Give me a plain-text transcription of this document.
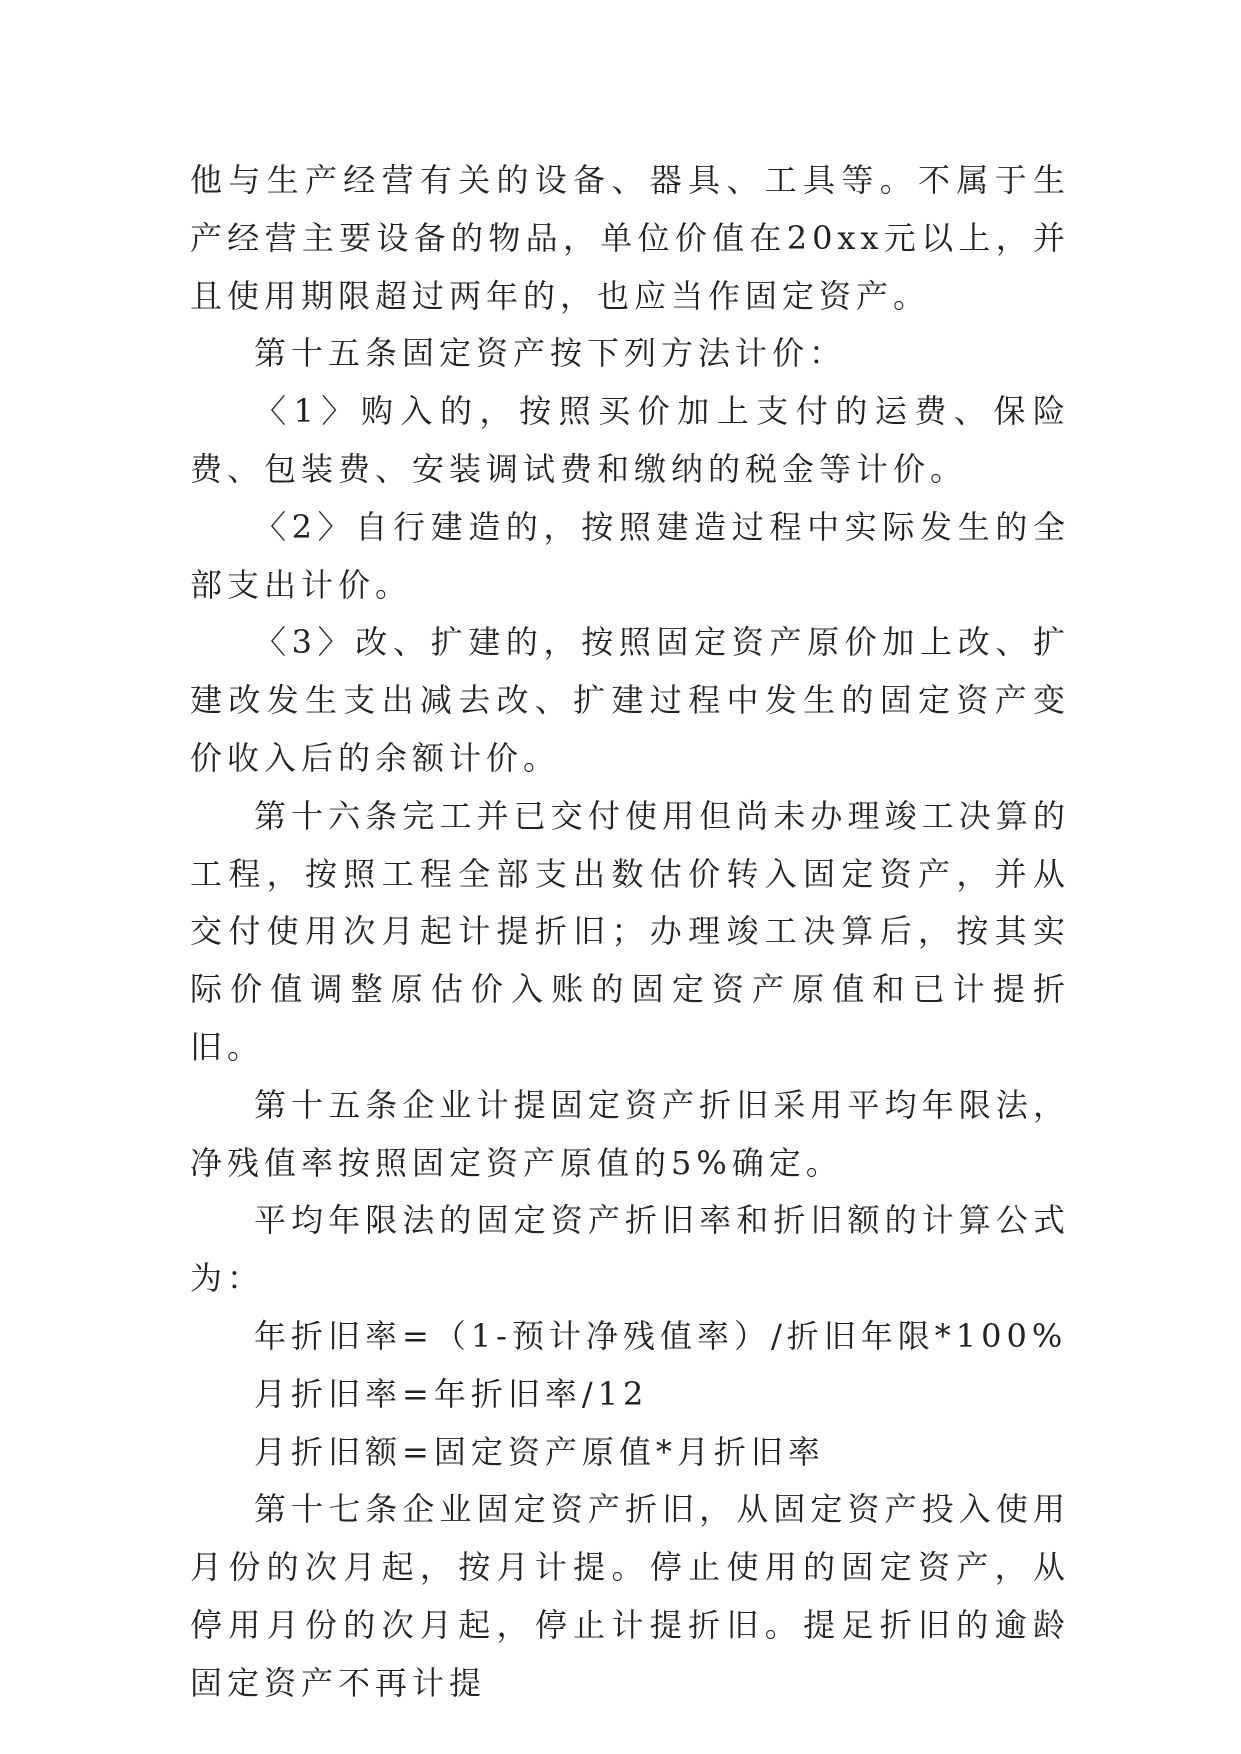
他与生产经营有关的设备、器具、工具等。不属于生产经营主要设备的物品，单位价值在20xx元以上，并且使用期限超过两年的，也应当作固定资产。

第十五条固定资产按下列方法计价：

〈1〉购入的，按照买价加上支付的运费、保险费、包装费、安装调试费和缴纳的税金等计价。

〈2〉自行建造的，按照建造过程中实际发生的全部支出计价。

〈3〉改、扩建的，按照固定资产原价加上改、扩建改发生支出减去改、扩建过程中发生的固定资产变价收入后的余额计价。

第十六条完工并已交付使用但尚未办理竣工决算的工程，按照工程全部支出数估价转入固定资产，并从交付使用次月起计提折旧；办理竣工决算后，按其实际价值调整原估价入账的固定资产原值和已计提折旧。

第十五条企业计提固定资产折旧采用平均年限法，净残值率按照固定资产原值的5%确定。

平均年限法的固定资产折旧率和折旧额的计算公式为：

年折旧率=（1-预计净残值率）/折旧年限*100%

月折旧率=年折旧率/12

月折旧额=固定资产原值*月折旧率

第十七条企业固定资产折旧，从固定资产投入使用月份的次月起，按月计提。停止使用的固定资产，从停用月份的次月起，停止计提折旧。提足折旧的逾龄固定资产不再计提
